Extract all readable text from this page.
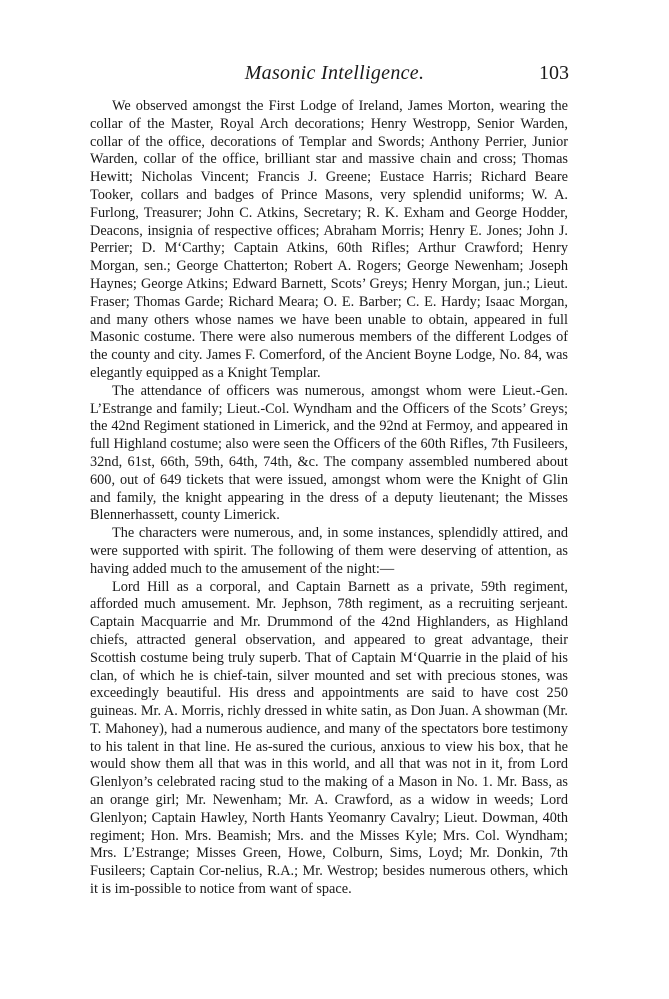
Masonic Intelligence.	103

We observed amongst the First Lodge of Ireland, James Morton, wearing the collar of the Master, Royal Arch decorations; Henry Westropp, Senior Warden, collar of the office, decorations of Templar and Swords; Anthony Perrier, Junior Warden, collar of the office, brilliant star and massive chain and cross; Thomas Hewitt; Nicholas Vincent; Francis J. Greene; Eustace Harris; Richard Beare Tooker, collars and badges of Prince Masons, very splendid uniforms; W. A. Furlong, Treasurer; John C. Atkins, Secretary; R. K. Exham and George Hodder, Deacons, insignia of respective offices; Abraham Morris; Henry E. Jones; John J. Perrier; D. M‘Carthy; Captain Atkins, 60th Rifles; Arthur Crawford; Henry Morgan, sen.; George Chatterton; Robert A. Rogers; George Newenham; Joseph Haynes; George Atkins; Edward Barnett, Scots’ Greys; Henry Morgan, jun.; Lieut. Fraser; Thomas Garde; Richard Meara; O. E. Barber; C. E. Hardy; Isaac Morgan, and many others whose names we have been unable to obtain, appeared in full Masonic costume. There were also numerous members of the different Lodges of the county and city. James F. Comerford, of the Ancient Boyne Lodge, No. 84, was elegantly equipped as a Knight Templar.

The attendance of officers was numerous, amongst whom were Lieut.-Gen. L’Estrange and family; Lieut.-Col. Wyndham and the Officers of the Scots’ Greys; the 42nd Regiment stationed in Limerick, and the 92nd at Fermoy, and appeared in full Highland costume; also were seen the Officers of the 60th Rifles, 7th Fusileers, 32nd, 61st, 66th, 59th, 64th, 74th, &c. The company assembled numbered about 600, out of 649 tickets that were issued, amongst whom were the Knight of Glin and family, the knight appearing in the dress of a deputy lieutenant; the Misses Blennerhassett, county Limerick.

The characters were numerous, and, in some instances, splendidly attired, and were supported with spirit. The following of them were deserving of attention, as having added much to the amusement of the night:—

Lord Hill as a corporal, and Captain Barnett as a private, 59th regiment, afforded much amusement. Mr. Jephson, 78th regiment, as a recruiting serjeant. Captain Macquarrie and Mr. Drummond of the 42nd Highlanders, as Highland chiefs, attracted general observation, and appeared to great advantage, their Scottish costume being truly superb. That of Captain M‘Quarrie in the plaid of his clan, of which he is chief-tain, silver mounted and set with precious stones, was exceedingly beautiful. His dress and appointments are said to have cost 250 guineas. Mr. A. Morris, richly dressed in white satin, as Don Juan. A showman (Mr. T. Mahoney), had a numerous audience, and many of the spectators bore testimony to his talent in that line. He as-sured the curious, anxious to view his box, that he would show them all that was in this world, and all that was not in it, from Lord Glenlyon’s celebrated racing stud to the making of a Mason in No. 1. Mr. Bass, as an orange girl; Mr. Newenham; Mr. A. Crawford, as a widow in weeds; Lord Glenlyon; Captain Hawley, North Hants Yeomanry Cavalry; Lieut. Dowman, 40th regiment; Hon. Mrs. Beamish; Mrs. and the Misses Kyle; Mrs. Col. Wyndham; Mrs. L’Estrange; Misses Green, Howe, Colburn, Sims, Loyd; Mr. Donkin, 7th Fusileers; Captain Cor-nelius, R.A.; Mr. Westrop; besides numerous others, which it is im-possible to notice from want of space.
